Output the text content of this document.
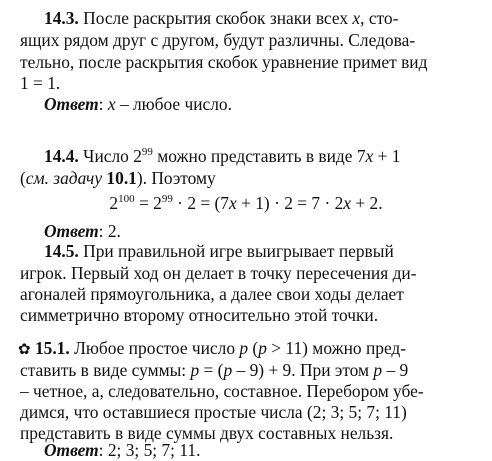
14.3. После раскрытия скобок знаки всех x, сто-
ящих рядом друг с другом, будут различны. Следова-
тельно, после раскрытия скобок уравнение примет вид
1 = 1.
Ответ: x – любое число.
14.4. Число $2^{99}$ можно представить в виде 7x + 1
(см. задачу 10.1). Поэтому
$2^{100} = 2^{99} \cdot 2 = (7x + 1) \cdot 2 = 7 \cdot 2x + 2$.
Ответ: 2.
14.5. При правильной игре выигрывает первый
игрок. Первый ход он делает в точку пересечения ди-
агоналей прямоугольника, а далее свои ходы делает
симметрично второму относительно этой точки.
✿ 15.1. Любое простое число p (p > 11) можно пред-
ставить в виде суммы: p = (p – 9) + 9. При этом p – 9
– четное, а, следовательно, составное. Перебором убе-
димся, что оставшиеся простые числа (2; 3; 5; 7; 11)
представить в виде суммы двух составных нельзя.
Ответ: 2; 3; 5; 7; 11.
